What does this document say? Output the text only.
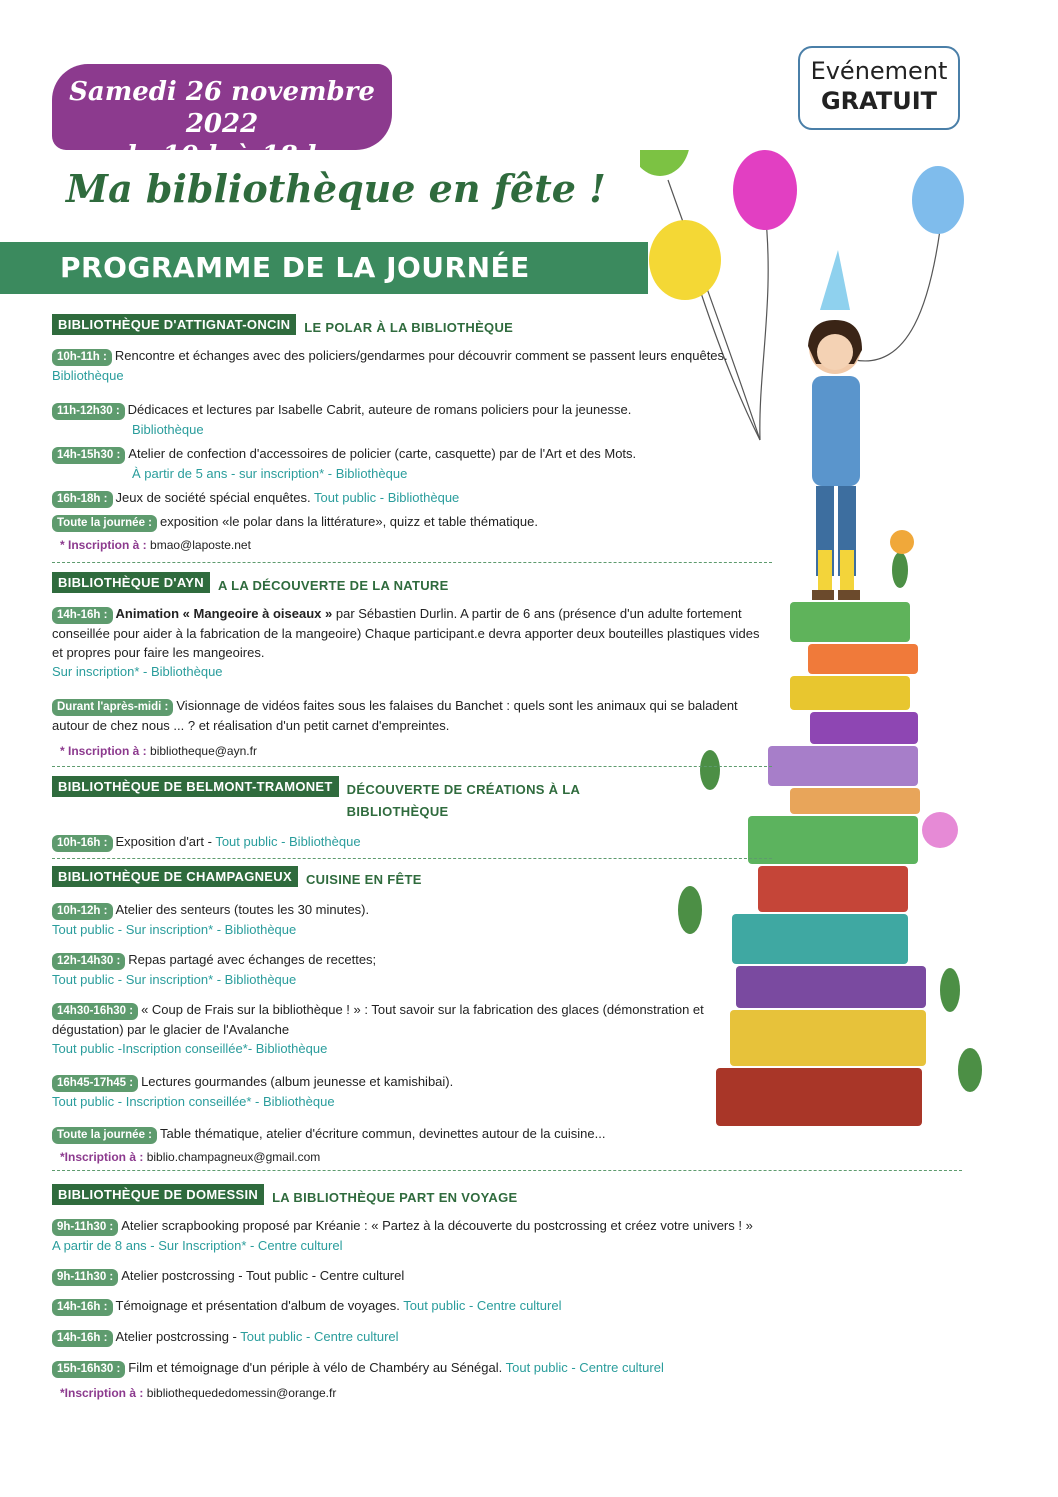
Samedi 26 novembre 2022
de 10 h à 18 h
Evénement
GRATUIT
Ma bibliothèque en fête !
PROGRAMME DE LA JOURNÉE
BIBLIOTHÈQUE D'ATTIGNAT-ONCIN	LE POLAR À LA BIBLIOTHÈQUE
10h-11h : Rencontre et échanges avec des policiers/gendarmes pour découvrir comment se passent leurs enquêtes. Bibliothèque
11h-12h30 : Dédicaces et lectures par Isabelle Cabrit, auteure de romans policiers pour la jeunesse.
Bibliothèque
14h-15h30 : Atelier de confection d'accessoires de policier (carte, casquette) par de l'Art et des Mots.
À partir de 5 ans - sur inscription* - Bibliothèque
16h-18h : Jeux de société spécial enquêtes. Tout public - Bibliothèque
Toute la journée : exposition «le polar dans la littérature», quizz et table thématique.
* Inscription à : bmao@laposte.net
BIBLIOTHÈQUE D'AYN	A LA DÉCOUVERTE DE LA NATURE
14h-16h : Animation « Mangeoire à oiseaux » par Sébastien Durlin. A partir de 6 ans (présence d'un adulte fortement conseillée pour aider à la fabrication de la mangeoire) Chaque participant.e devra apporter deux bouteilles plastiques vides et propres pour faire les mangeoires.
Sur inscription* - Bibliothèque
Durant l'après-midi : Visionnage de vidéos faites sous les falaises du Banchet : quels sont les animaux qui se baladent autour de chez nous ... ? et réalisation d'un petit carnet d'empreintes.
* Inscription à : bibliotheque@ayn.fr
BIBLIOTHÈQUE DE BELMONT-TRAMONET	DÉCOUVERTE DE CRÉATIONS À LA BIBLIOTHÈQUE
10h-16h : Exposition d'art - Tout public - Bibliothèque
BIBLIOTHÈQUE DE CHAMPAGNEUX	CUISINE EN FÊTE
10h-12h : Atelier des senteurs (toutes les 30 minutes).
Tout public - Sur inscription* - Bibliothèque
12h-14h30 : Repas partagé avec échanges de recettes;
Tout public - Sur inscription* - Bibliothèque
14h30-16h30 : « Coup de Frais sur la bibliothèque ! » : Tout savoir sur la fabrication des glaces (démonstration et dégustation) par le glacier de l'Avalanche
Tout public -Inscription conseillée*- Bibliothèque
16h45-17h45 : Lectures gourmandes (album jeunesse et kamishibai).
Tout public - Inscription conseillée* - Bibliothèque
Toute la journée : Table thématique, atelier d'écriture commun, devinettes autour de la cuisine...
*Inscription à : biblio.champagneux@gmail.com
BIBLIOTHÈQUE DE DOMESSIN	LA BIBLIOTHÈQUE PART EN VOYAGE
9h-11h30 : Atelier scrapbooking proposé par Kréanie : « Partez à la découverte du postcrossing et créez votre univers ! »
A partir de 8 ans - Sur Inscription* - Centre culturel
9h-11h30 : Atelier postcrossing - Tout public - Centre culturel
14h-16h : Témoignage et présentation d'album de voyages. Tout public - Centre culturel
14h-16h : Atelier postcrossing - Tout public - Centre culturel
15h-16h30 : Film et témoignage d'un périple à vélo de Chambéry au Sénégal. Tout public - Centre culturel
*Inscription à : bibliothequededomessin@orange.fr
